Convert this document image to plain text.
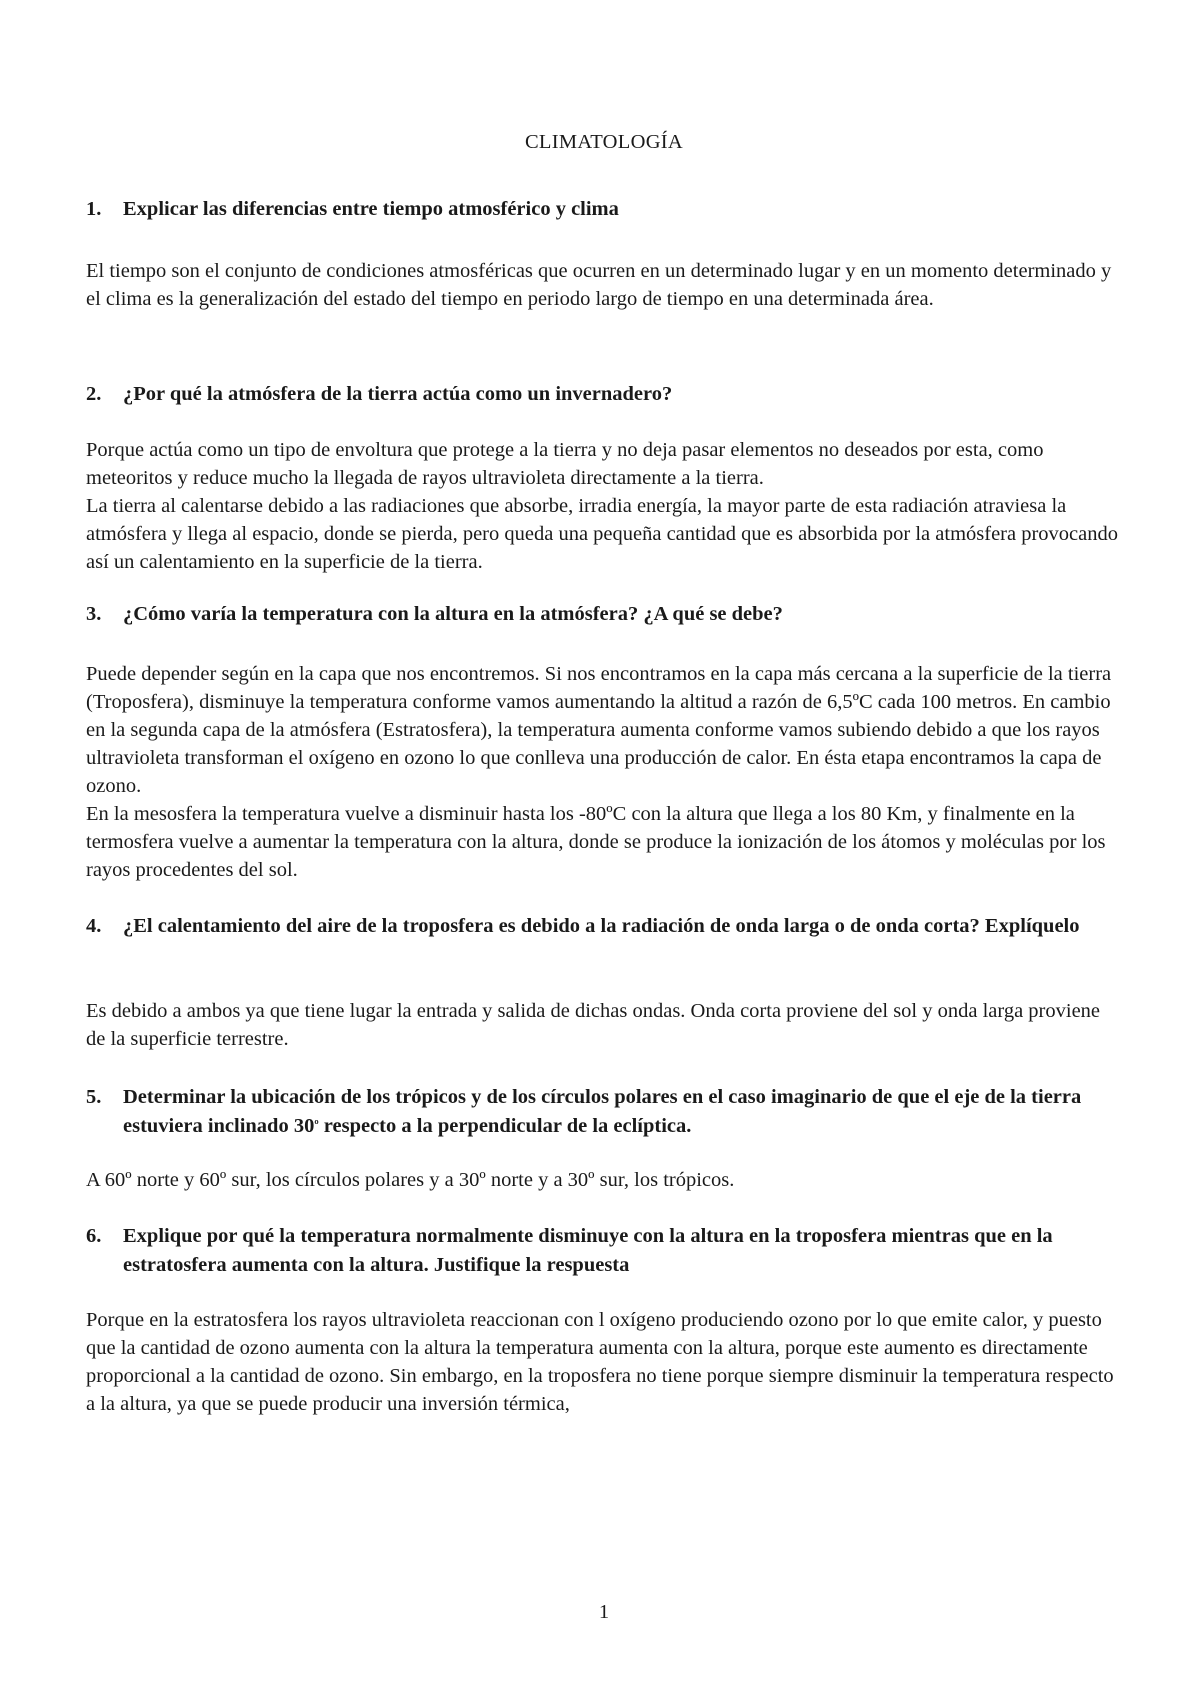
CLIMATOLOGÍA
1.	Explicar las diferencias entre tiempo atmosférico y clima

El tiempo son el conjunto de condiciones atmosféricas que ocurren en un determinado lugar y en un momento determinado y el clima es la generalización del estado del tiempo en periodo largo de tiempo en una determinada área.

2.	¿Por qué la atmósfera de la tierra actúa como un invernadero?

Porque actúa como un tipo de envoltura que protege a la tierra y no deja pasar elementos no deseados por esta, como meteoritos y reduce mucho la llegada de rayos ultravioleta directamente a la tierra.

La tierra al calentarse debido a las radiaciones que absorbe, irradia energía, la mayor parte de esta radiación atraviesa la atmósfera y llega al espacio, donde se pierda, pero queda una pequeña cantidad que es absorbida por la atmósfera provocando así un calentamiento en la superficie de la tierra.

3.	¿Cómo varía la temperatura con la altura en la atmósfera? ¿A qué se debe?

Puede depender según en la capa que nos encontremos. Si nos encontramos en la capa más cercana a la superficie de la tierra (Troposfera), disminuye la temperatura conforme vamos aumentando la altitud a razón de 6,5ºC cada 100 metros. En cambio en la segunda capa de la atmósfera (Estratosfera), la temperatura aumenta conforme vamos subiendo debido a que los rayos ultravioleta transforman el oxígeno en ozono lo que conlleva una producción de calor. En ésta etapa encontramos la capa de ozono.

En la mesosfera la temperatura vuelve a disminuir hasta los -80ºC con la altura que llega a los 80 Km, y finalmente en la termosfera vuelve a aumentar la temperatura con la altura, donde se produce la ionización de los átomos y moléculas por los rayos procedentes del sol.

4.	¿El calentamiento del aire de la troposfera es debido a la radiación de onda larga o de onda corta? Explíquelo

Es debido a ambos ya que tiene lugar la entrada y salida de dichas ondas. Onda corta proviene del sol y onda larga proviene de la superficie terrestre.

5.	Determinar la ubicación de los trópicos y de los círculos polares en el caso imaginario de que el eje de la tierra estuviera inclinado $30^º$ respecto a la perpendicular de la eclíptica.

A 60º norte y 60º sur, los círculos polares y a 30º norte y a 30º sur, los trópicos.

6.	Explique por qué la temperatura normalmente disminuye con la altura en la troposfera mientras que en la estratosfera aumenta con la altura. Justifique la respuesta

Porque en la estratosfera los rayos ultravioleta reaccionan con l oxígeno produciendo ozono por lo que emite calor, y puesto que la cantidad de ozono aumenta con la altura la temperatura aumenta con la altura, porque este aumento es directamente proporcional a la cantidad de ozono. Sin embargo, en la troposfera no tiene porque siempre disminuir la temperatura respecto a la altura, ya que se puede producir una inversión térmica,

1
